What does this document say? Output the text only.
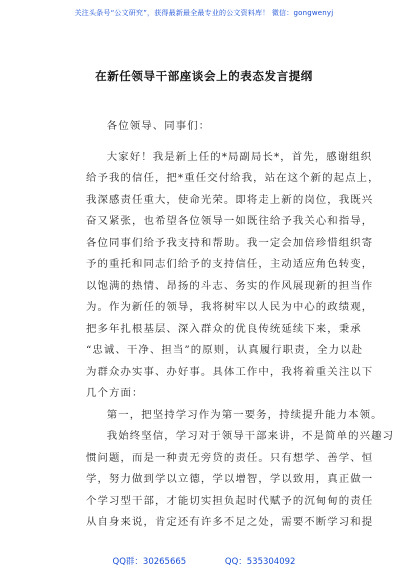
关注头条号“公文研究”，获得最新最全最专业的公文资料库！ 微信：gongwenyj
在新任领导干部座谈会上的表态发言提纲
各位领导、同事们：
大家好！我是新上任的*局副局长*，首先，感谢组织
给予我的信任，把*重任交付给我，站在这个新的起点上，
我深感责任重大，使命光荣。即将走上新的岗位，我既兴
奋又紧张，也希望各位领导一如既往给予我关心和指导，
各位同事们给予我支持和帮助。我一定会加倍珍惜组织寄
予的重托和同志们给予的支持信任，主动适应角色转变，
以饱满的热情、昂扬的斗志、务实的作风展现新的担当作
为。作为新任的领导，我将树牢以人民为中心的政绩观，
把多年扎根基层、深入群众的优良传统延续下来，秉承
“忠诚、干净、担当”的原则，认真履行职责，全力以赴
为群众办实事、办好事。具体工作中，我将着重关注以下
几个方面：
第一，把坚持学习作为第一要务，持续提升能力本领。
我始终坚信，学习对于领导干部来讲，不是简单的兴趣习
惯问题，而是一种责无旁贷的责任。只有想学、善学、恒
学，努力做到学以立德，学以增智，学以致用，真正做一
个学习型干部，才能切实担负起时代赋予的沉甸甸的责任
从自身来说，肯定还有许多不足之处，需要不断学习和提
QQ群：30265665	QQ：535304092
